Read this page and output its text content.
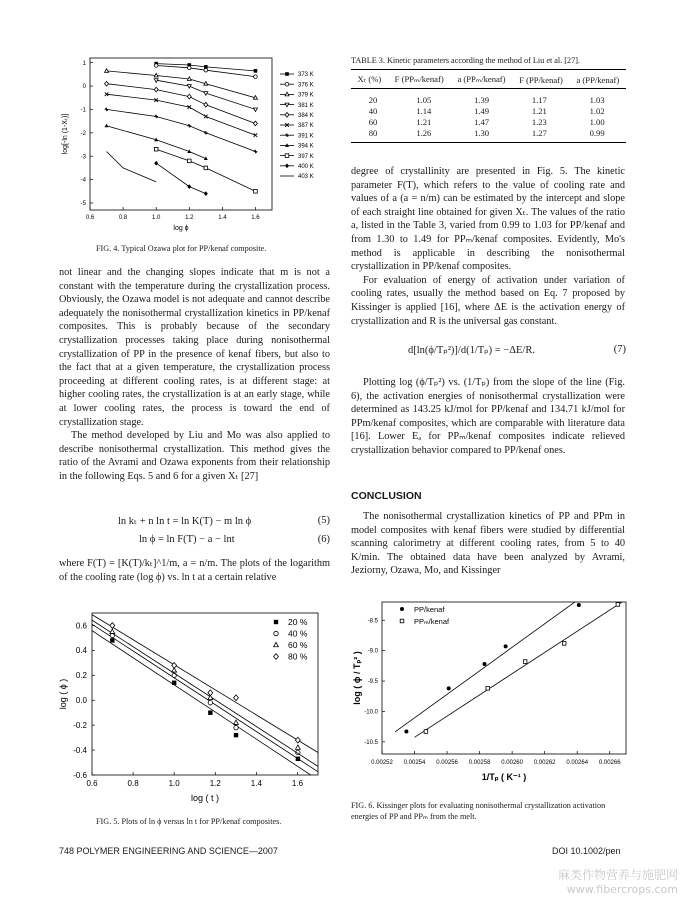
0.6	0.8	1.0	1.2	1.4	1.6
1
0
-1
-2
-3
-4
-5
log ϕ
log[-ln (1-Xₜ)]
373 K
376 K
379 K
381 K
384 K
387 K
391 K
394 K
397 K
400 K
403 K
FIG. 4. Typical Ozawa plot for PP/kenaf composite.

not linear and the changing slopes indicate that m is not a constant with the temperature during the crystallization process. Obviously, the Ozawa model is not adequate and cannot describe adequately the nonisothermal crystallization kinetics in PP/kenaf composites. This is probably because of the secondary crystallization processes taking place during nonisothermal crystallization of PP in the presence of kenaf fibers, but also to the fact that at a given temperature, the crystallization process proceeding at different cooling rates, is at different stage: at higher cooling rates, the crystallization is at an early stage, while at lower cooling rates, the process is toward the end of crystallization stage.

The method developed by Liu and Mo was also applied to describe nonisothermal crystallization. This method gives the ratio of the Avrami and Ozawa exponents from their relationship in the following Eqs. 5 and 6 for a given Xₜ [27]

ln kₜ + n ln t = ln K(T) − m ln ϕ	(5)
ln ϕ = ln F(T) − a − lnt	(6)

where F(T) = [K(T)/kₜ]^1/m, a = n/m. The plots of the logarithm of the cooling rate (log ϕ) vs. ln t at a certain relative

0.6	0.8	1.0	1.2	1.4	1.6
0.6
0.4
0.2
0.0
-0.2
-0.4
-0.6
log ( t )
log ( ϕ )
20 %
40 %
60 %
80 %
FIG. 5. Plots of ln ϕ versus ln t for PP/kenaf composites.
TABLE 3. Kinetic parameters according the method of Liu et al. [27].
Xₜ (%)	F (PPₘ/kenaf)	a (PPₘ/kenaf)	F (PP/kenaf)	a (PP/kenaf)
20	1.05	1.39	1.17	1.03
40	1.14	1.49	1.21	1.02
60	1.21	1.47	1.23	1.00
80	1.26	1.30	1.27	0.99

degree of crystallinity are presented in Fig. 5. The kinetic parameter F(T), which refers to the value of cooling rate and values of a (a = n/m) can be estimated by the intercept and slope of each straight line obtained for given Xₜ. The values of the ratio a, listed in the Table 3, varied from 0.99 to 1.03 for PP/kenaf and from 1.30 to 1.49 for PPₘ/kenaf composites. Evidently, Mo's method is applicable in describing the nonisothermal crystallization in PP/kenaf composites.

For evaluation of energy of activation under variation of cooling rates, usually the method based on Eq. 7 proposed by Kissinger is applied [16], where ΔE is the activation energy of crystallization and R is the universal gas constant.

d[ln(ϕ/Tₚ²)]/d(1/Tₚ) = −ΔE/R.	(7)

Plotting log (ϕ/Tₚ²) vs. (1/Tₚ) from the slope of the line (Fig. 6), the activation energies of nonisothermal crystallization were determined as 143.25 kJ/mol for PP/kenaf and 134.71 kJ/mol for PPm/kenaf composites, which are comparable with literature data [16]. Lower Eₐ for PPₘ/kenaf composites indicate relieved crystallization behavior compared to PP/kenaf ones.

CONCLUSION

The nonisothermal crystallization kinetics of PP and PPm in model composites with kenaf fibers were studied by differential scanning calorimetry at different cooling rates, from 5 to 40 K/min. The obtained data have been analyzed by Avrami, Jeziorny, Ozawa, Mo, and Kissinger

0.00252 0.00254 0.00256 0.00258 0.00260 0.00262 0.00264 0.00266
-8.5
-9.0
-9.5
-10.0
-10.5
1/Tₚ ( K⁻¹ )
log ( ϕ / Tₚ² )
PP/kenaf
PPₘ/kenaf
FIG. 6. Kissinger plots for evaluating nonisothermal crystallization activation energies of PP and PPₘ from the melt.
748 POLYMER ENGINEERING AND SCIENCE—2007	DOI 10.1002/pen
麻类作物营养与施肥网
www.fibercrops.com
